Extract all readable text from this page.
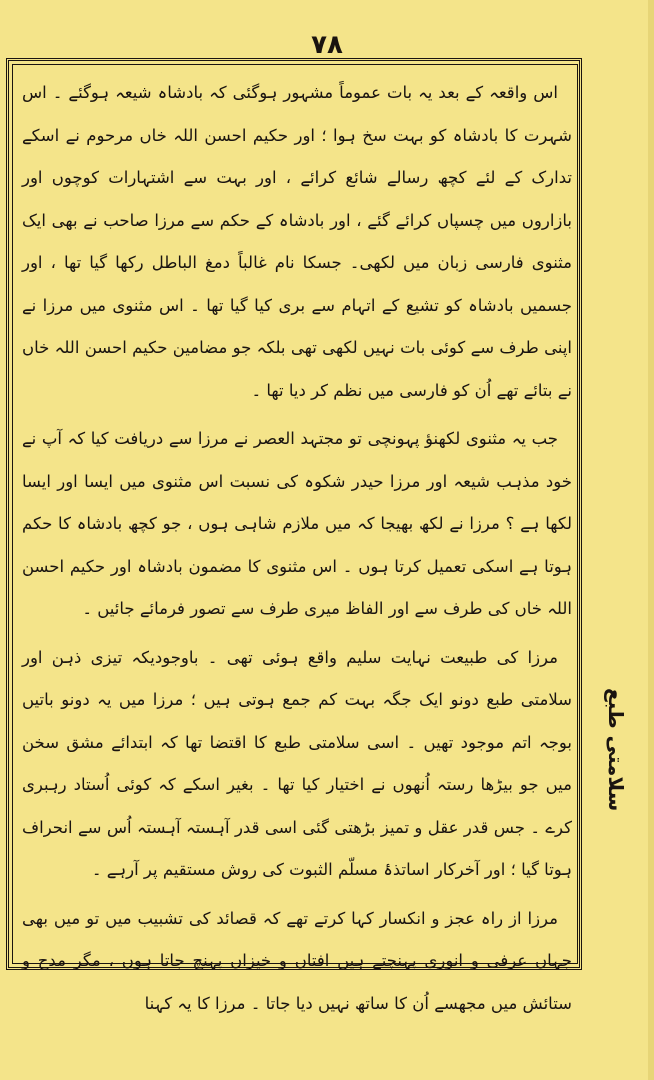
٧٨

اس واقعہ کے بعد یہ بات عموماً مشہور ہوگئی کہ بادشاہ شیعہ ہوگئے ۔ اس شہرت کا بادشاہ کو بہت سخ ہوا ؛ اور حکیم احسن اللہ خاں مرحوم نے اسکے تدارک کے لئے کچھ رسالے شائع کرائے ، اور بہت سے اشتہارات کوچوں اور بازاروں میں چسپاں کرائے گئے ، اور بادشاہ کے حکم سے مرزا صاحب نے بھی ایک مثنوی فارسی زبان میں لکھی۔ جسکا نام غالباً دمغ الباطل رکھا گیا تھا ، اور جسمیں بادشاہ کو تشیع کے اتہام سے بری کیا گیا تھا ۔ اس مثنوی میں مرزا نے اپنی طرف سے کوئی بات نہیں لکھی تھی بلکہ جو مضامین حکیم احسن اللہ خاں نے بتائے تھے اُن کو فارسی میں نظم کر دیا تھا ۔

جب یہ مثنوی لکھنؤ پہونچی تو مجتہد العصر نے مرزا سے دریافت کیا کہ آپ نے خود مذہب شیعہ اور مرزا حیدر شکوہ کی نسبت اس مثنوی میں ایسا اور ایسا لکھا ہے ؟ مرزا نے لکھ بھیجا کہ میں ملازم شاہی ہوں ، جو کچھ بادشاہ کا حکم ہوتا ہے اسکی تعمیل کرتا ہوں ۔ اس مثنوی کا مضمون بادشاہ اور حکیم احسن اللہ خاں کی طرف سے اور الفاظ میری طرف سے تصور فرمائے جائیں ۔

مرزا کی طبیعت نہایت سلیم واقع ہوئی تھی ۔ باوجودیکہ تیزی ذہن اور سلامتی طبع دونو ایک جگہ بہت کم جمع ہوتی ہیں ؛ مرزا میں یہ دونو باتیں بوجہ اتم موجود تھیں ۔ اسی سلامتی طبع کا اقتضا تھا کہ ابتدائے مشق سخن میں جو بیڑھا رستہ اُنھوں نے اختیار کیا تھا ۔ بغیر اسکے کہ کوئی اُستاد رہبری کرے ۔ جس قدر عقل و تمیز بڑھتی گئی اسی قدر آہستہ آہستہ اُس سے انحراف ہوتا گیا ؛ اور آخرکار اساتذۂ مسلّم الثبوت کی روش مستقیم پر آرہے ۔

مرزا از راہ عجز و انکسار کہا کرتے تھے کہ قصائد کی تشبیب میں تو میں بھی جہاں عرفی و انوری پہنچتے ہیں افتاں و خیزاں پہنچ جاتا ہوں ، مگر مدح و ستائش میں مجھسے اُن کا ساتھ نہیں دیا جاتا ۔ مرزا کا یہ کہنا

سلامتی طبع
